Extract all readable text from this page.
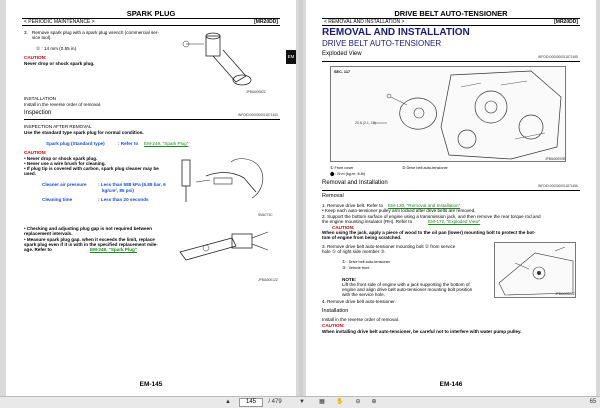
SPARK PLUG
< PERIODIC MAINTENANCE >	[MR20DD]
EM
3. Remove spark plug with a spark plug wrench (commercial ser-
vice tool).
① : 14 mm (0.55 in)
CAUTION:
Never drop or shock spark plug.
JPBIA0008ZZ
INSTALLATION
Install in the reverse order of removal.
Inspection	INFOID:0000000011871443
INSPECTION AFTER REMOVAL
Use the standard type spark plug for normal condition.
Spark plug (Standard type)	: Refer to EM-249, "Spark Plug"
CAUTION:
• Never drop or shock spark plug.
• Never use a wire brush for cleaning.
• If plug tip is covered with carbon, spark plug cleaner may be
used.
Cleaner air pressure	: Less than 588 kPa (5.88 bar, 6
kg/cm², 85 psi)
Cleaning time	: Less than 20 seconds
SMA773C
• Checking and adjusting plug gap is not required between
replacement intervals.
• Measure spark plug gap. when it exceeds the limit, replace
spark plug even if it is with in the specified replacement mile-
age. Refer to	EM-249, "Spark Plug"
JPBIA0001ZZ
EM-145
DRIVE BELT AUTO-TENSIONER
< REMOVAL AND INSTALLATION >	[MR20DD]
REMOVAL AND INSTALLATION
DRIVE BELT AUTO-TENSIONER
Exploded View	INFOID:0000000011871455
SEC. 117
20.6 (2.1, 15)
JPBIA0009GB
① Front cover	② Drive belt auto-tensioner
⬤ : N·m (kg-m, ft-lb)
Removal and Installation	INFOID:0000000011871456
Removal
1. Remove drive belt. Refer to EM-130, "Removal and Installation"
• Keep each auto-tensioner pulley arm locked after drive belts are removed.
2. Support the bottom surface of engine using a transmission jack, and then remove the rear torque rod and
the engine mounting insulator (RH). Refer to	EM-172, "Exploded View"
CAUTION:
When using the jack, apply a piece of wood to the oil pan (lower) mounting bolt to protect the bot-
tom of engine from being scratched.
3. Remove drive belt auto-tensioner mounting bolt ② from service
hole ① of right side member ③.
① : Drive belt auto-tensioner
③ : Vehicle front
JPBIA0060ZZ
NOTE:
Lift the front side of engine with a jack supporting the bottom of
engine and align drive belt auto-tensioner mounting bolt position
with the service hole.
4. Remove drive belt auto-tensioner.
Installation
Install in the reverse order of removal.
CAUTION:
When installing drive belt auto-tensioner, be careful not to interfere with water pump pulley.
EM-146
▲	145	/ 479	▼	▦	✋	⊖	⊕	65
